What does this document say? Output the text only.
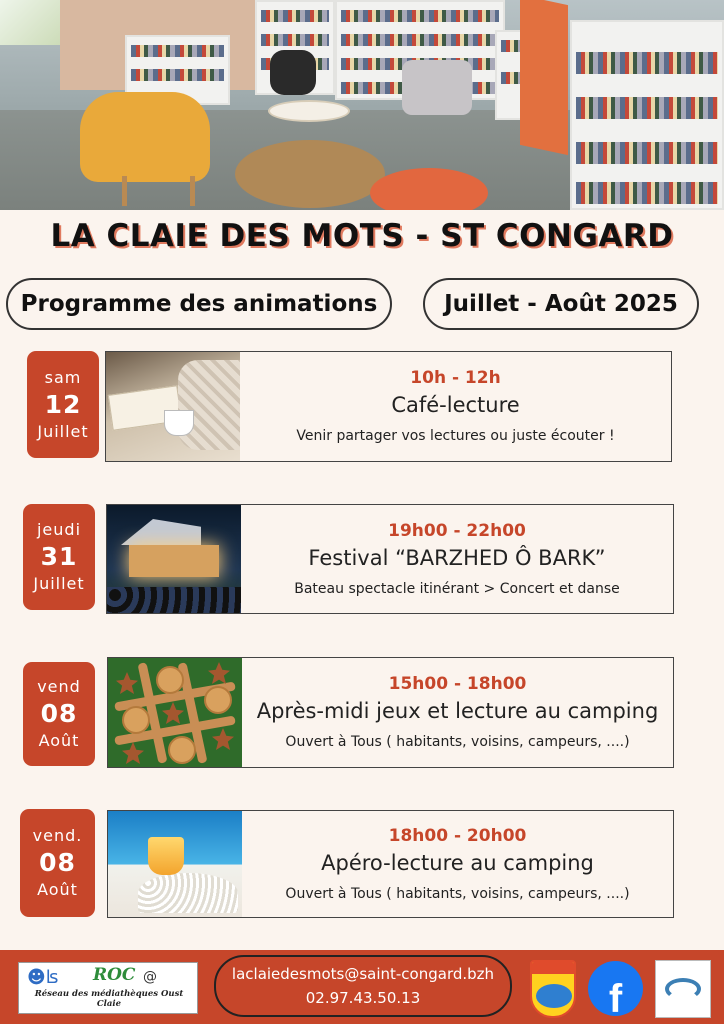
LA CLAIE DES MOTS - ST CONGARD
Programme des animations	Juillet - Août 2025
sam
12
Juillet
10h - 12h
Café-lecture
Venir partager vos lectures ou juste écouter !
jeudi
31
Juillet
19h00 - 22h00
Festival “BARZHED Ô BARK”
Bateau spectacle itinérant > Concert et danse
vend
08
Août
15h00 - 18h00
Après-midi jeux et lecture au camping
Ouvert à Tous ( habitants, voisins, campeurs, ....)
vend.
08
Août
18h00 - 20h00
Apéro-lecture au camping
Ouvert à Tous ( habitants, voisins, campeurs, ....)
☻ʪ ROC @
Réseau des médiathèques Oust Claie
laclaiedesmots@saint-congard.bzh
02.97.43.50.13	f
